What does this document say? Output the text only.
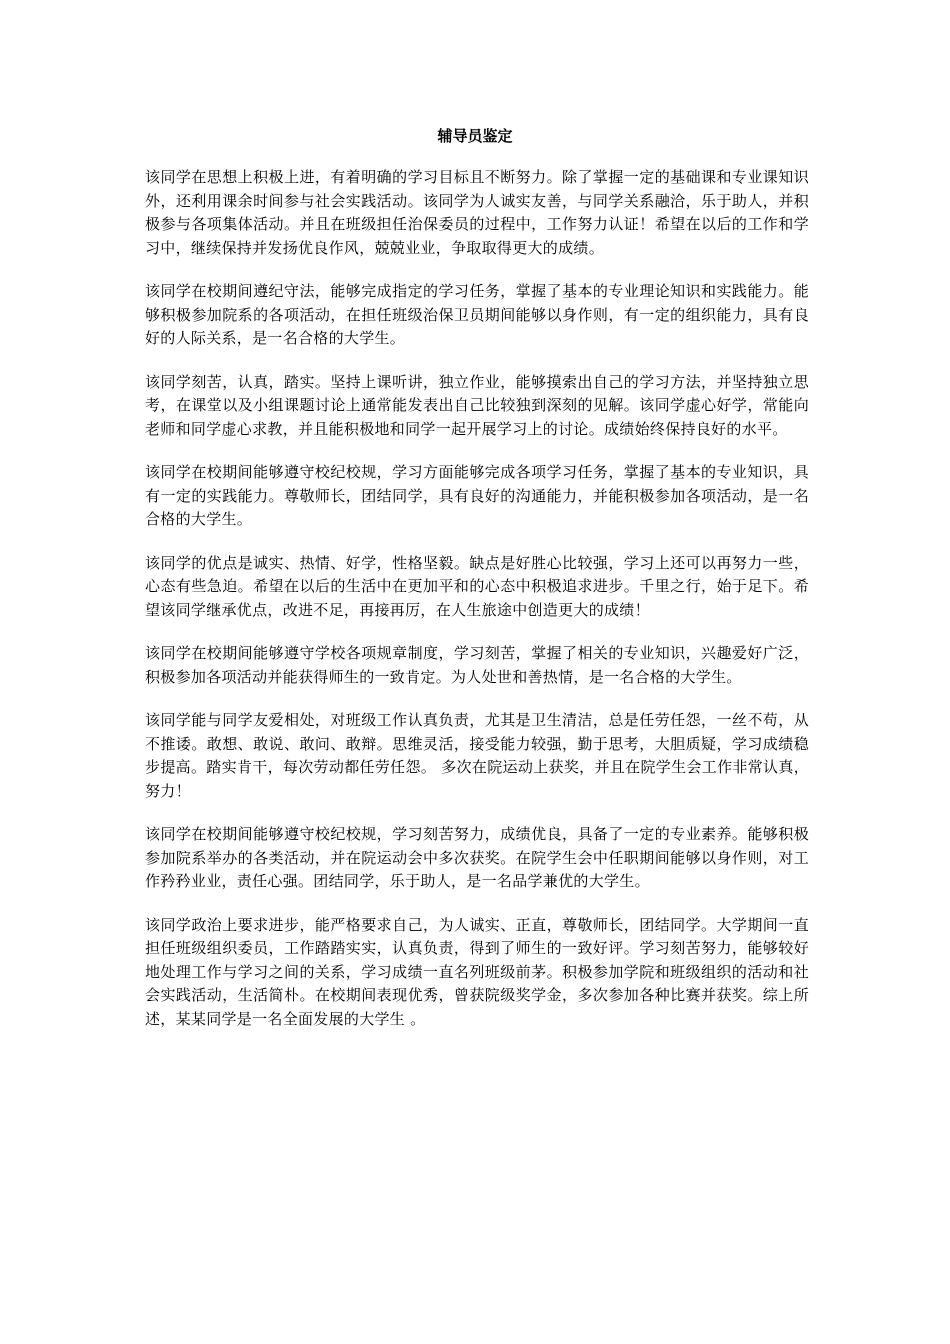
辅导员鉴定

该同学在思想上积极上进，有着明确的学习目标且不断努力。除了掌握一定的基础课和专业课知识外，还利用课余时间参与社会实践活动。该同学为人诚实友善，与同学关系融洽，乐于助人，并积极参与各项集体活动。并且在班级担任治保委员的过程中，工作努力认证！希望在以后的工作和学习中，继续保持并发扬优良作风，兢兢业业，争取取得更大的成绩。

该同学在校期间遵纪守法，能够完成指定的学习任务，掌握了基本的专业理论知识和实践能力。能够积极参加院系的各项活动，在担任班级治保卫员期间能够以身作则，有一定的组织能力，具有良好的人际关系，是一名合格的大学生。

该同学刻苦，认真，踏实。坚持上课听讲，独立作业，能够摸索出自己的学习方法，并坚持独立思考，在课堂以及小组课题讨论上通常能发表出自己比较独到深刻的见解。该同学虚心好学，常能向老师和同学虚心求教，并且能积极地和同学一起开展学习上的讨论。成绩始终保持良好的水平。

该同学在校期间能够遵守校纪校规，学习方面能够完成各项学习任务，掌握了基本的专业知识，具有一定的实践能力。尊敬师长，团结同学，具有良好的沟通能力，并能积极参加各项活动，是一名合格的大学生。

该同学的优点是诚实、热情、好学，性格坚毅。缺点是好胜心比较强，学习上还可以再努力一些，心态有些急迫。希望在以后的生活中在更加平和的心态中积极追求进步。千里之行，始于足下。希望该同学继承优点，改进不足，再接再厉，在人生旅途中创造更大的成绩！

该同学在校期间能够遵守学校各项规章制度，学习刻苦，掌握了相关的专业知识，兴趣爱好广泛，积极参加各项活动并能获得师生的一致肯定。为人处世和善热情，是一名合格的大学生。

该同学能与同学友爱相处，对班级工作认真负责，尤其是卫生清洁，总是任劳任怨，一丝不苟，从不推诿。敢想、敢说、敢问、敢辩。思维灵活，接受能力较强，勤于思考，大胆质疑，学习成绩稳步提高。踏实肯干，每次劳动都任劳任怨。 多次在院运动上获奖，并且在院学生会工作非常认真，努力！

该同学在校期间能够遵守校纪校规，学习刻苦努力，成绩优良，具备了一定的专业素养。能够积极参加院系举办的各类活动，并在院运动会中多次获奖。在院学生会中任职期间能够以身作则，对工作矜矜业业，责任心强。团结同学，乐于助人，是一名品学兼优的大学生。

该同学政治上要求进步，能严格要求自己，为人诚实、正直，尊敬师长，团结同学。大学期间一直担任班级组织委员，工作踏踏实实，认真负责，得到了师生的一致好评。学习刻苦努力，能够较好地处理工作与学习之间的关系，学习成绩一直名列班级前茅。积极参加学院和班级组织的活动和社会实践活动，生活简朴。在校期间表现优秀，曾获院级奖学金，多次参加各种比赛并获奖。综上所述，某某同学是一名全面发展的大学生 。
